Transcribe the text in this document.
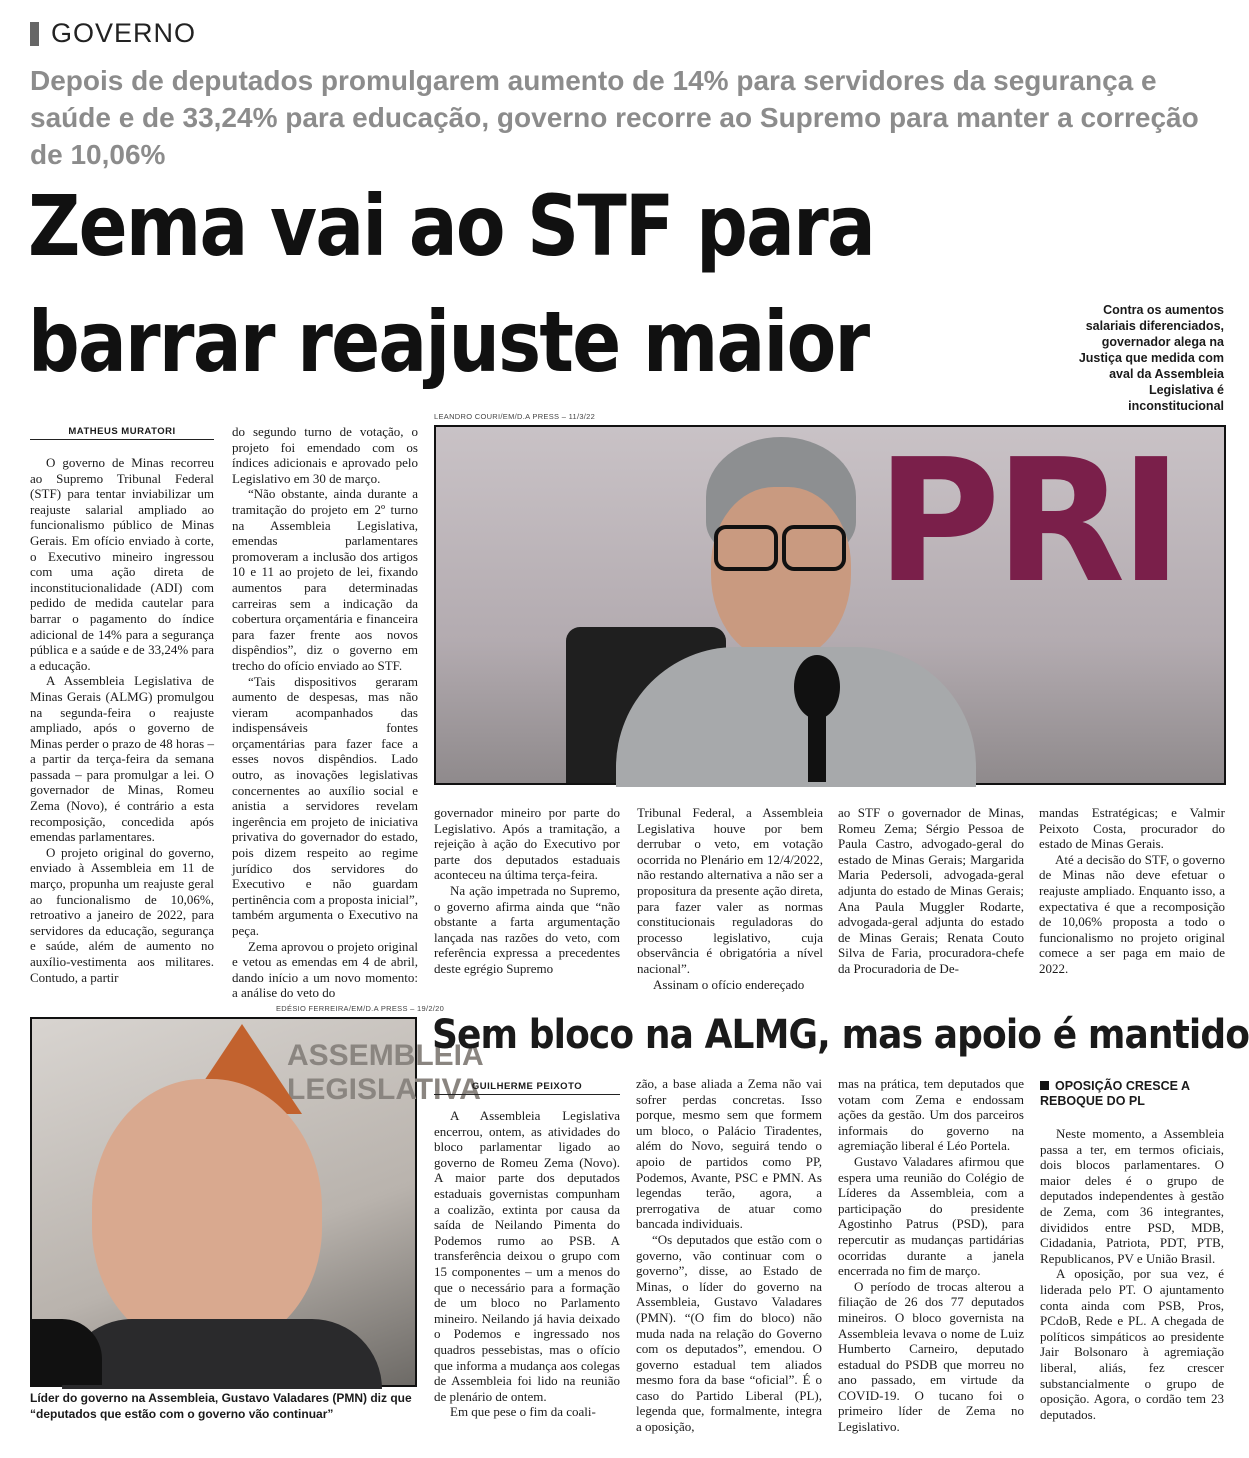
GOVERNO
Depois de deputados promulgarem aumento de 14% para servidores da segurança e saúde e de 33,24% para educação, governo recorre ao Supremo para manter a correção de 10,06%
Zema vai ao STF para
barrar reajuste maior	Contra os aumentos salariais diferenciados, governador alega na Justiça que medida com aval da Assembleia Legislativa é inconstitucional
MATHEUS MURATORI

O governo de Minas recorreu ao Supremo Tribunal Federal (STF) para tentar inviabilizar um reajuste salarial ampliado ao funcionalismo público de Minas Gerais. Em ofício enviado à corte, o Executivo mineiro ingressou com uma ação direta de inconstitucionalidade (ADI) com pedido de medida cautelar para barrar o pagamento do índice adicional de 14% para a segurança pública e a saúde e de 33,24% para a educação.

A Assembleia Legislativa de Minas Gerais (ALMG) promulgou na segunda-feira o reajuste ampliado, após o governo de Minas perder o prazo de 48 horas – a partir da terça-feira da semana passada – para promulgar a lei. O governador de Minas, Romeu Zema (Novo), é contrário a esta recomposição, concedida após emendas parlamentares.

O projeto original do governo, enviado à Assembleia em 11 de março, propunha um reajuste geral ao funcionalismo de 10,06%, retroativo a janeiro de 2022, para servidores da educação, segurança e saúde, além de aumento no auxílio-vestimenta aos militares. Contudo, a partir

do segundo turno de votação, o projeto foi emendado com os índices adicionais e aprovado pelo Legislativo em 30 de março.

“Não obstante, ainda durante a tramitação do projeto em 2º turno na Assembleia Legislativa, emendas parlamentares promoveram a inclusão dos artigos 10 e 11 ao projeto de lei, fixando aumentos para determinadas carreiras sem a indicação da cobertura orçamentária e financeira para fazer frente aos novos dispêndios”, diz o governo em trecho do ofício enviado ao STF.

“Tais dispositivos geraram aumento de despesas, mas não vieram acompanhados das indispensáveis fontes orçamentárias para fazer face a esses novos dispêndios. Lado outro, as inovações legislativas concernentes ao auxílio social e anistia a servidores revelam ingerência em projeto de iniciativa privativa do governador do estado, pois dizem respeito ao regime jurídico dos servidores do Executivo e não guardam pertinência com a proposta inicial”, também argumenta o Executivo na peça.

Zema aprovou o projeto original e vetou as emendas em 4 de abril, dando início a um novo momento: a análise do veto do

LEANDRO COURI/EM/D.A PRESS – 11/3/22
PRI

governador mineiro por parte do Legislativo. Após a tramitação, a rejeição à ação do Executivo por parte dos deputados estaduais aconteceu na última terça-feira.

Na ação impetrada no Supremo, o governo afirma ainda que “não obstante a farta argumentação lançada nas razões do veto, com referência expressa a precedentes deste egrégio Supremo

Tribunal Federal, a Assembleia Legislativa houve por bem derrubar o veto, em votação ocorrida no Plenário em 12/4/2022, não restando alternativa a não ser a propositura da presente ação direta, para fazer valer as normas constitucionais reguladoras do processo legislativo, cuja observância é obrigatória a nível nacional”.

Assinam o ofício endereçado

ao STF o governador de Minas, Romeu Zema; Sérgio Pessoa de Paula Castro, advogado-geral do estado de Minas Gerais; Margarida Maria Pedersoli, advogada-geral adjunta do estado de Minas Gerais; Ana Paula Muggler Rodarte, advogada-geral adjunta do estado de Minas Gerais; Renata Couto Silva de Faria, procuradora-chefe da Procuradoria de De-

mandas Estratégicas; e Valmir Peixoto Costa, procurador do estado de Minas Gerais.

Até a decisão do STF, o governo de Minas não deve efetuar o reajuste ampliado. Enquanto isso, a expectativa é que a recomposição de 10,06% proposta a todo o funcionalismo no projeto original comece a ser paga em maio de 2022.

EDÉSIO FERREIRA/EM/D.A PRESS – 19/2/20
ASSEMBLEIA
LEGISLATIVA
Líder do governo na Assembleia, Gustavo Valadares (PMN) diz que “deputados que estão com o governo vão continuar”
Sem bloco na ALMG, mas apoio é mantido
GUILHERME PEIXOTO

A Assembleia Legislativa encerrou, ontem, as atividades do bloco parlamentar ligado ao governo de Romeu Zema (Novo). A maior parte dos deputados estaduais governistas compunham a coalizão, extinta por causa da saída de Neilando Pimenta do Podemos rumo ao PSB. A transferência deixou o grupo com 15 componentes – um a menos do que o necessário para a formação de um bloco no Parlamento mineiro. Neilando já havia deixado o Podemos e ingressado nos quadros pessebistas, mas o ofício que informa a mudança aos colegas de Assembleia foi lido na reunião de plenário de ontem.

Em que pese o fim da coali-

zão, a base aliada a Zema não vai sofrer perdas concretas. Isso porque, mesmo sem que formem um bloco, o Palácio Tiradentes, além do Novo, seguirá tendo o apoio de partidos como PP, Podemos, Avante, PSC e PMN. As legendas terão, agora, a prerrogativa de atuar como bancada individuais.

“Os deputados que estão com o governo, vão continuar com o governo”, disse, ao Estado de Minas, o líder do governo na Assembleia, Gustavo Valadares (PMN). “(O fim do bloco) não muda nada na relação do Governo com os deputados”, emendou. O governo estadual tem aliados mesmo fora da base “oficial”. É o caso do Partido Liberal (PL), legenda que, formalmente, integra a oposição,

mas na prática, tem deputados que votam com Zema e endossam ações da gestão. Um dos parceiros informais do governo na agremiação liberal é Léo Portela.

Gustavo Valadares afirmou que espera uma reunião do Colégio de Líderes da Assembleia, com a participação do presidente Agostinho Patrus (PSD), para repercutir as mudanças partidárias ocorridas durante a janela encerrada no fim de março.

O período de trocas alterou a filiação de 26 dos 77 deputados mineiros. O bloco governista na Assembleia levava o nome de Luiz Humberto Carneiro, deputado estadual do PSDB que morreu no ano passado, em virtude da COVID-19. O tucano foi o primeiro líder de Zema no Legislativo.

OPOSIÇÃO CRESCE A REBOQUE DO PL

Neste momento, a Assembleia passa a ter, em termos oficiais, dois blocos parlamentares. O maior deles é o grupo de deputados independentes à gestão de Zema, com 36 integrantes, divididos entre PSD, MDB, Cidadania, Patriota, PDT, PTB, Republicanos, PV e União Brasil.

A oposição, por sua vez, é liderada pelo PT. O ajuntamento conta ainda com PSB, Pros, PCdoB, Rede e PL. A chegada de políticos simpáticos ao presidente Jair Bolsonaro à agremiação liberal, aliás, fez crescer substancialmente o grupo de oposição. Agora, o cordão tem 23 deputados.
